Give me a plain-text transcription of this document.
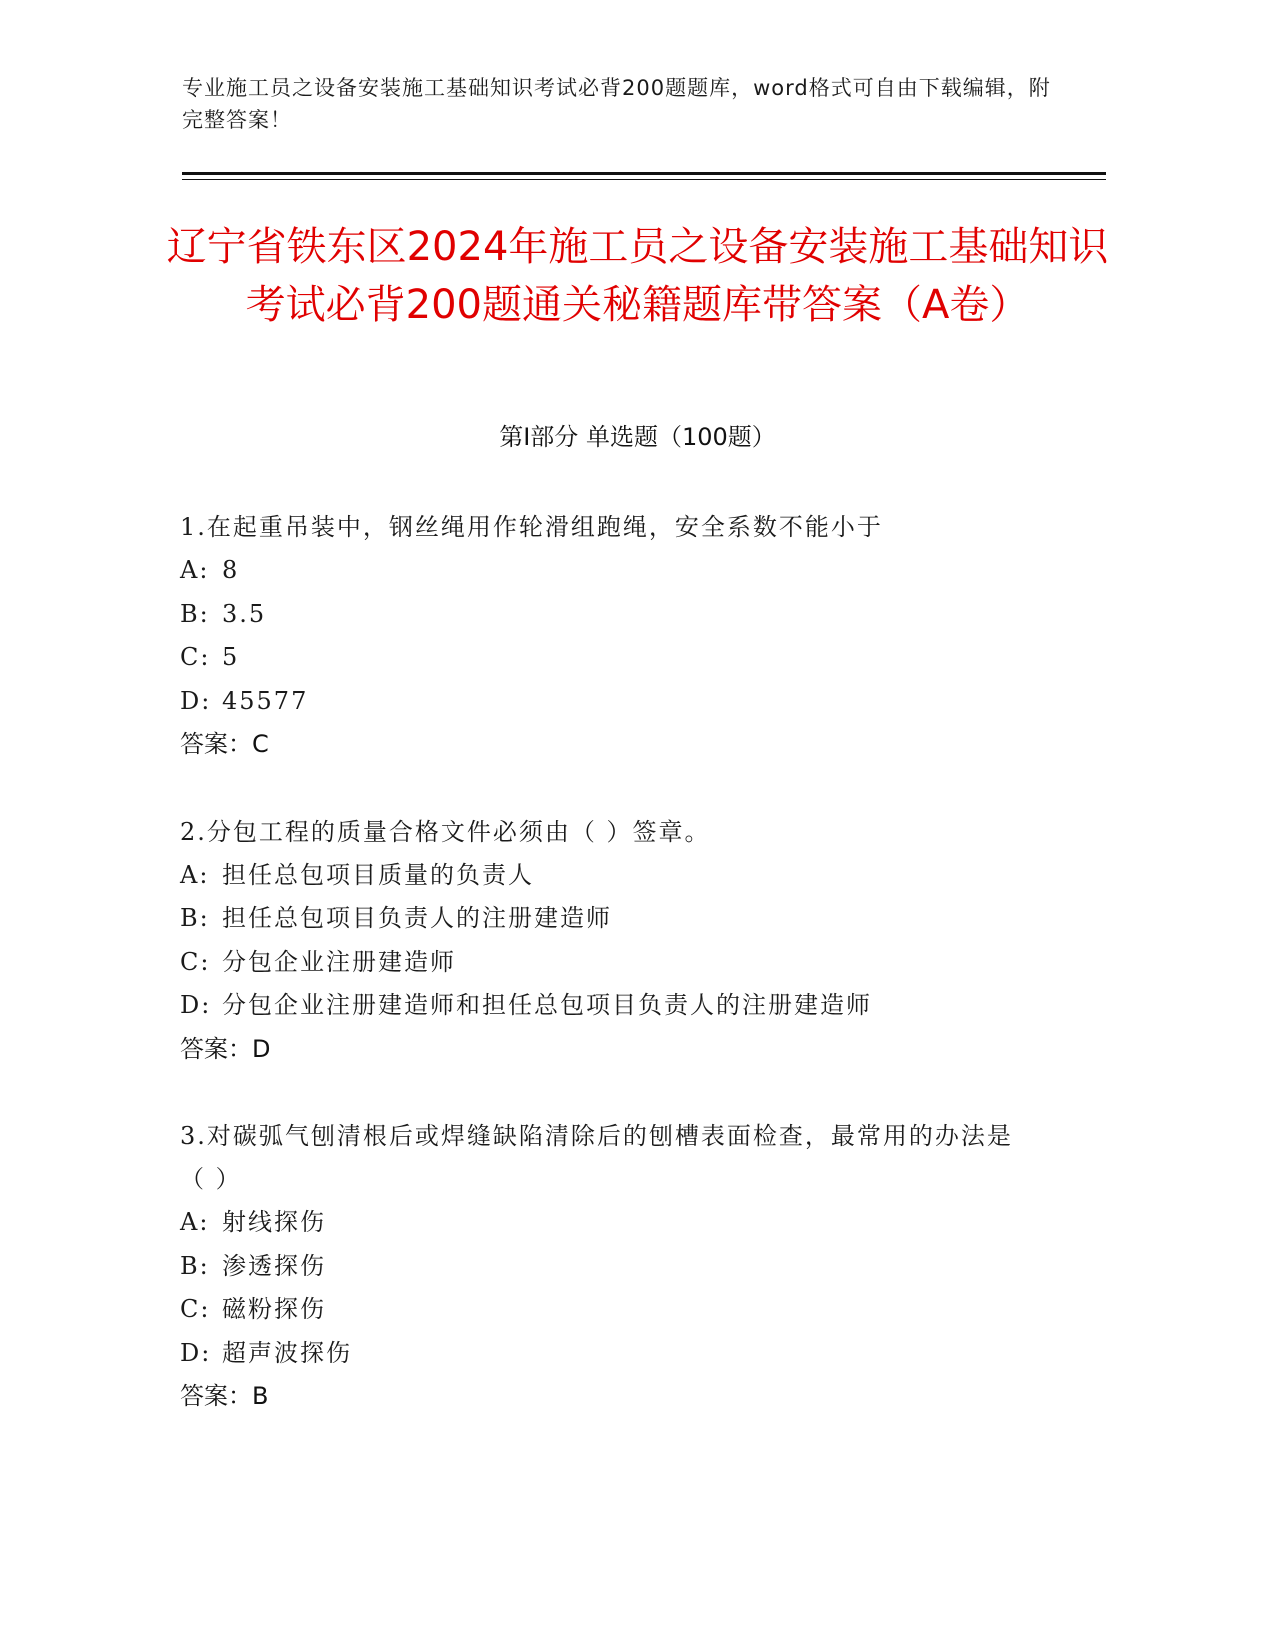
专业施工员之设备安装施工基础知识考试必背200题题库，word格式可自由下载编辑，附完整答案！
辽宁省铁东区2024年施工员之设备安装施工基础知识考试必背200题通关秘籍题库带答案（A卷）
第I部分 单选题（100题）

1.在起重吊装中，钢丝绳用作轮滑组跑绳，安全系数不能小于

A: 8

B: 3.5

C: 5

D: 45577

答案：C

2.分包工程的质量合格文件必须由（ ）签章。

A: 担任总包项目质量的负责人

B: 担任总包项目负责人的注册建造师

C: 分包企业注册建造师

D: 分包企业注册建造师和担任总包项目负责人的注册建造师

答案：D

3.对碳弧气刨清根后或焊缝缺陷清除后的刨槽表面检查，最常用的办法是（ ）

A: 射线探伤

B: 渗透探伤

C: 磁粉探伤

D: 超声波探伤

答案：B
